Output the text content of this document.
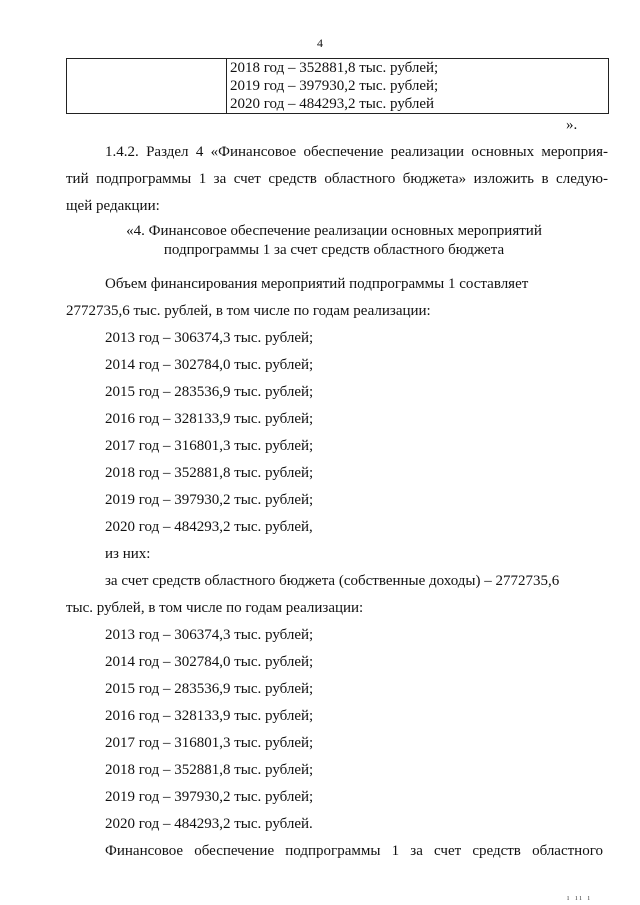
4

2018 год – 352881,8 тыс. рублей;
2019 год – 397930,2 тыс. рублей;
2020 год – 484293,2 тыс. рублей
».
1.4.2. Раздел 4 «Финансовое обеспечение реализации основных мероприя-
тий подпрограммы 1 за счет средств областного бюджета» изложить в следую-
щей редакции:
«4. Финансовое обеспечение реализации основных мероприятий
подпрограммы 1 за счет средств областного бюджета
Объем финансирования мероприятий подпрограммы 1 составляет
2772735,6 тыс. рублей, в том числе по годам реализации:
2013 год – 306374,3 тыс. рублей;
2014 год – 302784,0 тыс. рублей;
2015 год – 283536,9 тыс. рублей;
2016 год – 328133,9 тыс. рублей;
2017 год – 316801,3 тыс. рублей;
2018 год – 352881,8 тыс. рублей;
2019 год – 397930,2 тыс. рублей;
2020 год – 484293,2 тыс. рублей,
из них:
за счет средств областного бюджета (собственные доходы) – 2772735,6
тыс. рублей, в том числе по годам реализации:
2013 год – 306374,3 тыс. рублей;
2014 год – 302784,0 тыс. рублей;
2015 год – 283536,9 тыс. рублей;
2016 год – 328133,9 тыс. рублей;
2017 год – 316801,3 тыс. рублей;
2018 год – 352881,8 тыс. рублей;
2019 год – 397930,2 тыс. рублей;
2020 год – 484293,2 тыс. рублей.
Финансовое обеспечение подпрограммы 1 за счет средств областного
ı ıı ı
